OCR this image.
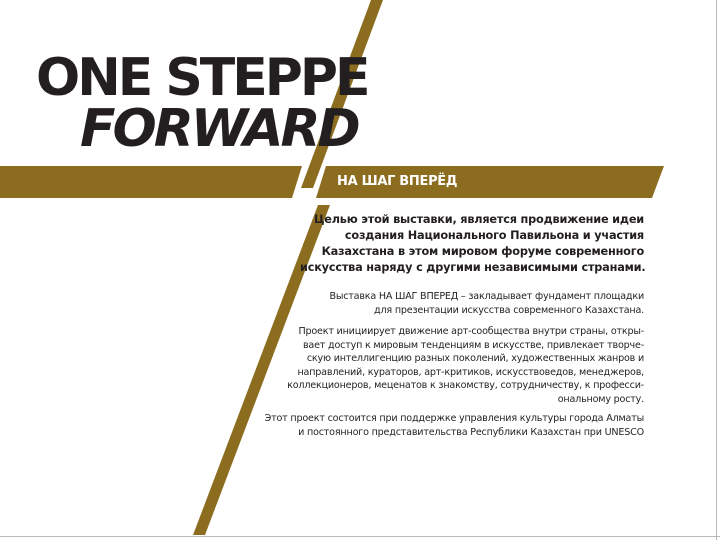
ONE STEPPE
FORWARD
НА ШАГ ВПЕРЁД
Целью этой выставки, является продвижение идеи
создания Национального Павильона и участия
Казахстана в этом мировом форуме современного
искусства наряду с другими независимыми странами.
Выставка НА ШАГ ВПЕРЕД – закладывает фундамент площадки
для презентации искусства современного Казахстана.
Проект инициирует движение арт-сообщества внутри страны, откры-
вает доступ к мировым тенденциям в искусстве, привлекает творче-
скую интеллигенцию разных поколений, художественных жанров и
направлений, кураторов, арт-критиков, искусствоведов, менеджеров,
коллекционеров, меценатов к знакомству, сотрудничеству, к професси-
ональному росту.
Этот проект состоится при поддержке управления культуры города Алматы
и постоянного представительства Республики Казахстан при UNESCO
